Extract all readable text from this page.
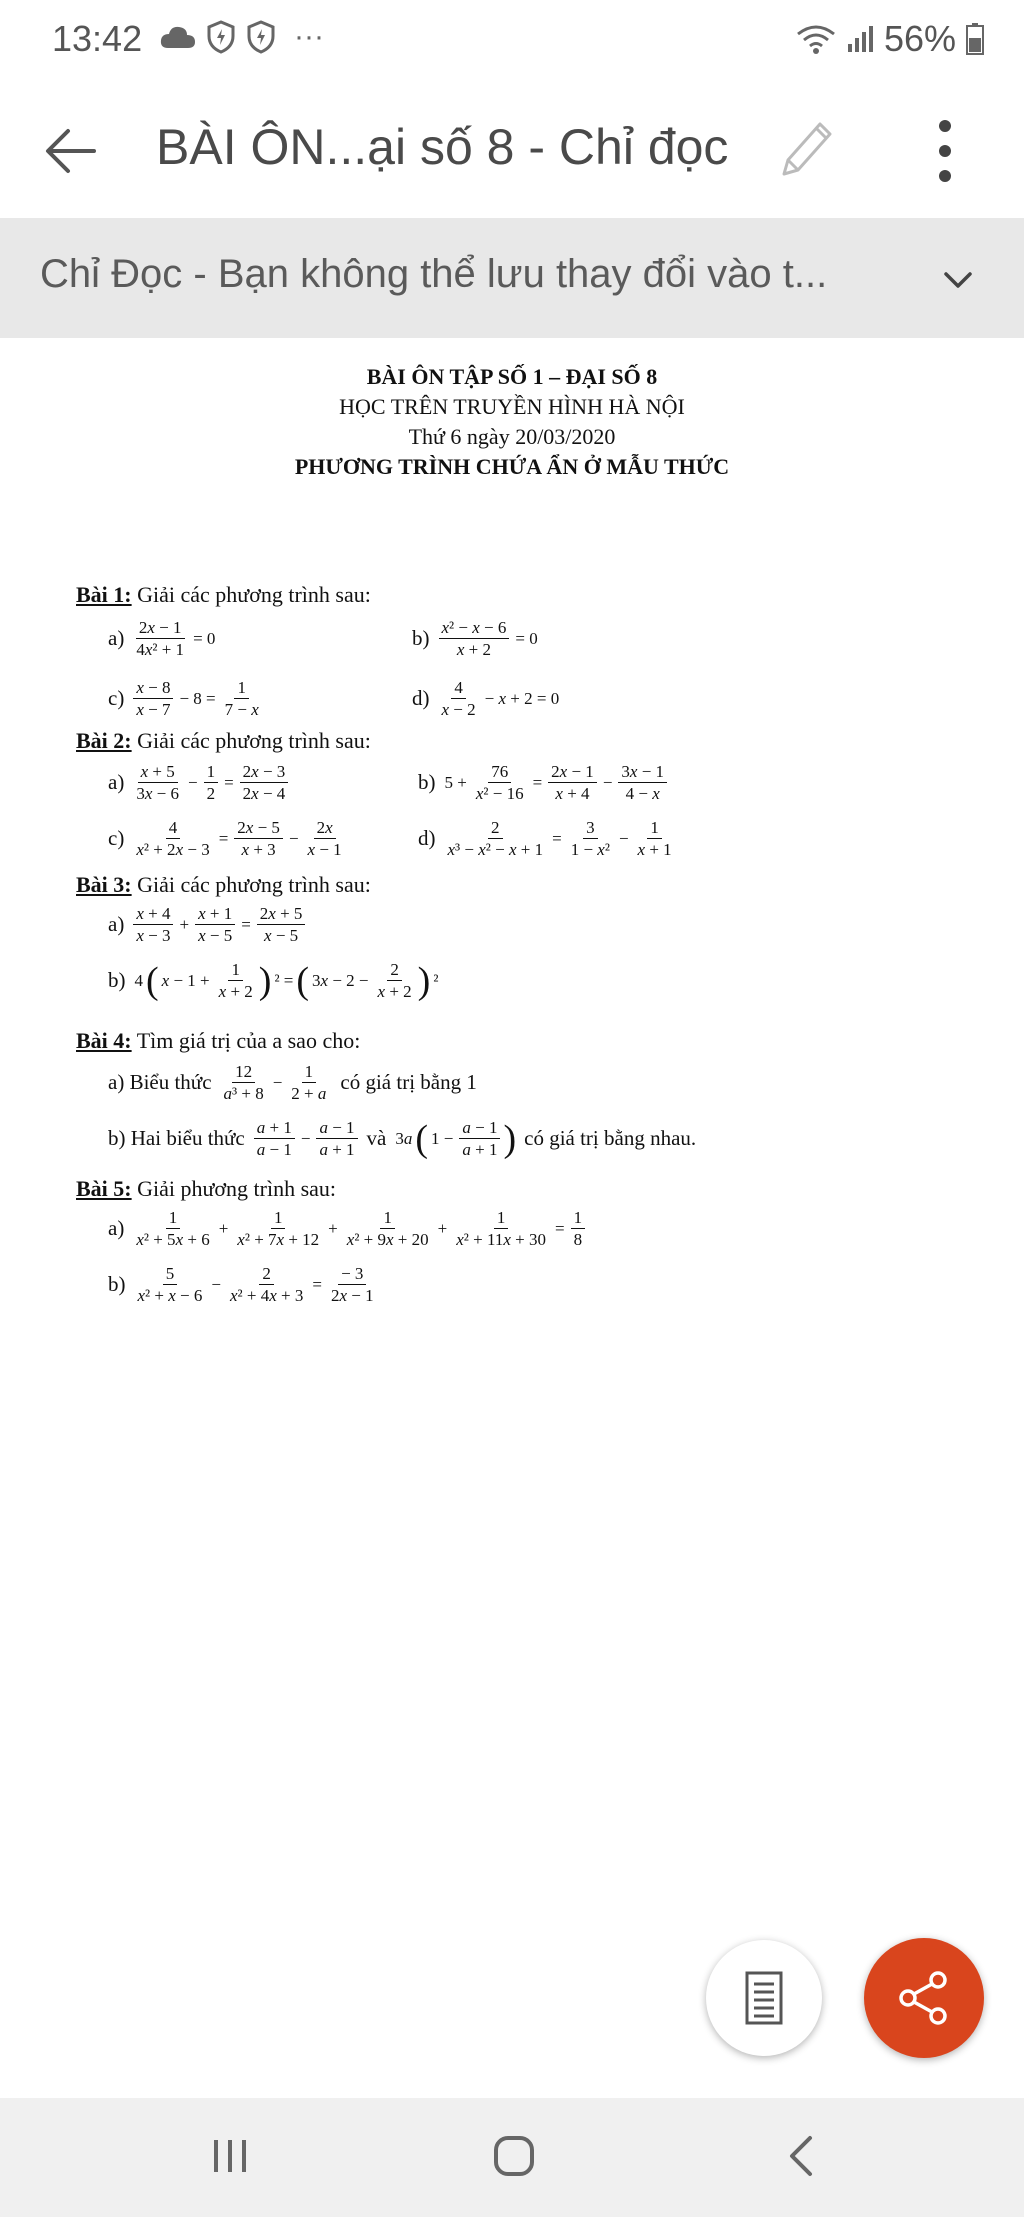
13:42	···	56%
BÀI ÔN...ại số 8 - Chỉ đọc
Chỉ Đọc - Bạn không thể lưu thay đổi vào t...
BÀI ÔN TẬP SỐ 1 – ĐẠI SỐ 8
HỌC TRÊN TRUYỀN HÌNH HÀ NỘI
Thứ 6 ngày 20/03/2020
PHƯƠNG TRÌNH CHỨA ẨN Ở MẪU THỨC
Bài 1: Giải các phương trình sau:
$a) \frac{2x - 1}{\text{4x² + 1}} = 0$	$b) \frac{\text{x² − x − 6}}{x + 2} = 0$
$c) \frac{x - 8}{x - 7} - 8 = \frac{1}{7 - x}$	$d) \frac{4}{x - 2} - x + 2 = 0$
Bài 2: Giải các phương trình sau:
$a) \frac{x + 5}{3x - 6} - \frac{1}{2} = \frac{2x - 3}{2x - 4}$	b) $5 + \frac{76}{\text{x² − 16}} = \frac{2x - 1}{x + 4} - \frac{3x - 1}{4 - x}$
$c) \frac{4}{\text{x² + 2x − 3}} = \frac{2x - 5}{x + 3} - \frac{2x}{x - 1}$	$d) \frac{2}{\text{x³ − x² − x + 1}} = \frac{3}{\text{1 − x²}} - \frac{1}{x + 1}$
Bài 3: Giải các phương trình sau:
$a) \frac{x + 4}{x - 3} + \frac{x + 1}{x - 5} = \frac{2x + 5}{x - 5}$
b) 4 ( $x - 1 + \frac{1}{x + 2}$ ) ² = ( $3x - 2 - \frac{2}{x + 2}$ ) ²
Bài 4: Tìm giá trị của a sao cho:
a) Biểu thức $\frac{12}{\text{a³ + 8}} - \frac{1}{2 + a}$ có giá trị bằng 1
b) Hai biểu thức $\frac{a + 1}{a - 1} - \frac{a - 1}{a + 1}$ và 3a ( $1 - \frac{a - 1}{a + 1}$ ) có giá trị bằng nhau.
Bài 5: Giải phương trình sau:
$a) \frac{1}{\text{x² + 5x + 6}} + \frac{1}{\text{x² + 7x + 12}} + \frac{1}{\text{x² + 9x + 20}} + \frac{1}{\text{x² + 11x + 30}} = \frac{1}{8}$
$b) \frac{5}{\text{x² + x − 6}} - \frac{2}{\text{x² + 4x + 3}} = \frac{- 3}{2x - 1}$
